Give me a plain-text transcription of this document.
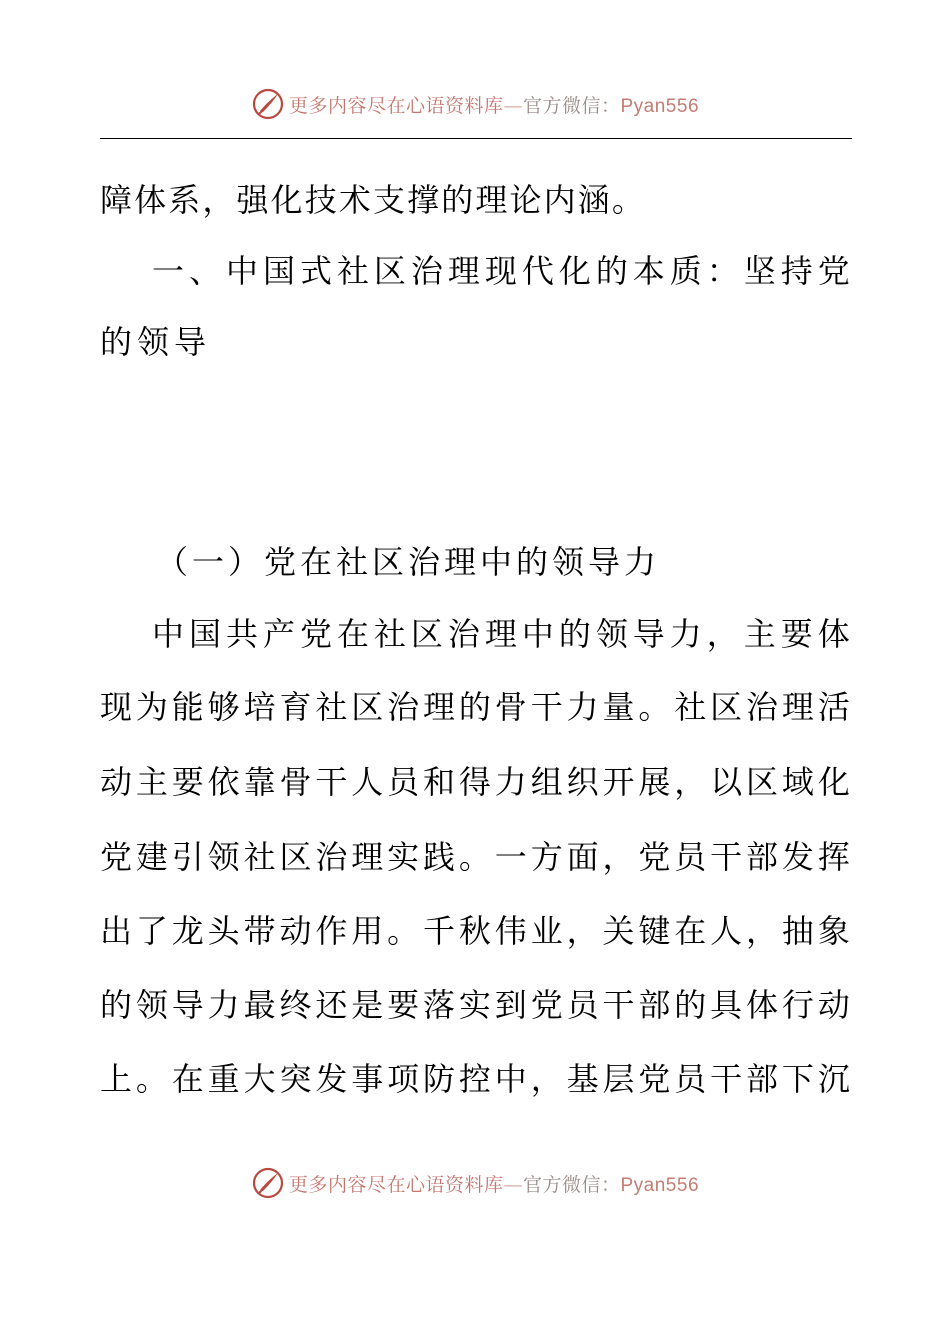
更多内容尽在心语资料库—官方微信：Pyan556
障 体 系 ， 强 化 技 术 支 撑 的 理 论 内 涵 。
一 、 中 国 式 社 区 治 理 现 代 化 的 本 质 ： 坚 持 党
的领导
（一）党在社区治理中的领导力
中 国 共 产 党 在 社 区 治 理 中 的 领 导 力 ， 主 要 体
现 为 能 够 培 育 社 区 治 理 的 骨 干 力 量 。 社 区 治 理 活
动 主 要 依 靠 骨 干 人 员 和 得 力 组 织 开 展 ， 以 区 域 化
党 建 引 领 社 区 治 理 实 践 。 一 方 面 ， 党 员 干 部 发 挥
出 了 龙 头 带 动 作 用 。 千 秋 伟 业 ， 关 键 在 人 ， 抽 象
的 领 导 力 最 终 还 是 要 落 实 到 党 员 干 部 的 具 体 行 动
上 。 在 重 大 突 发 事 项 防 控 中 ， 基 层 党 员 干 部 下 沉
更多内容尽在心语资料库—官方微信：Pyan556
